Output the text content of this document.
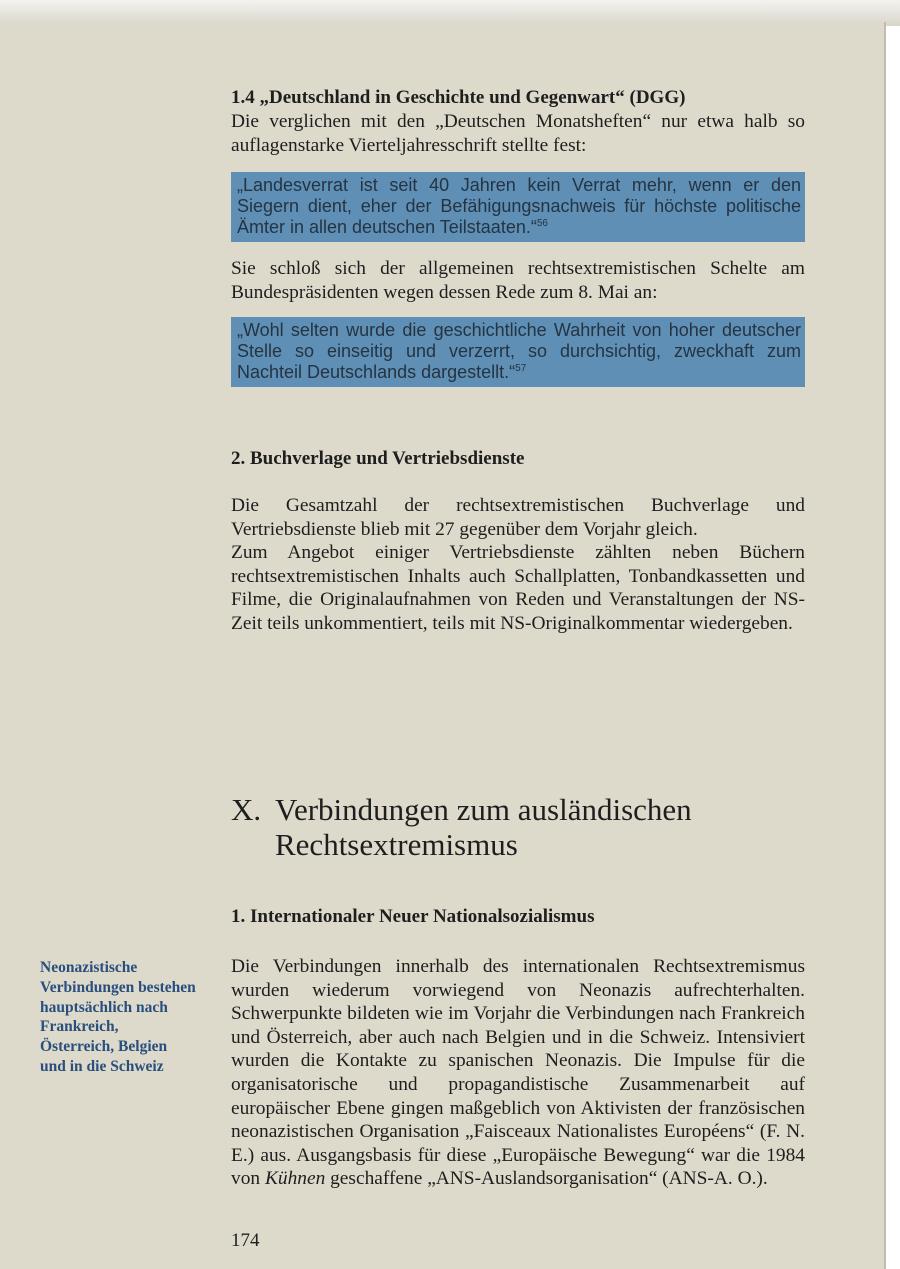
1.4 „Deutschland in Geschichte und Gegenwart“ (DGG)

Die verglichen mit den „Deutschen Monatsheften“ nur etwa halb so auflagenstarke Vierteljahresschrift stellte fest:

„Landesverrat ist seit 40 Jahren kein Verrat mehr, wenn er den Siegern dient, eher der Befähigungsnachweis für höchste politische Ämter in allen deutschen Teilstaaten.“$^{56}$

Sie schloß sich der allgemeinen rechtsextremistischen Schelte am Bundespräsidenten wegen dessen Rede zum 8. Mai an:

„Wohl selten wurde die geschichtliche Wahrheit von hoher deutscher Stelle so einseitig und verzerrt, so durchsichtig, zweckhaft zum Nachteil Deutschlands dargestellt.“$^{57}$

2. Buchverlage und Vertriebsdienste

Die Gesamtzahl der rechtsextremistischen Buchverlage und Vertriebsdienste blieb mit 27 gegenüber dem Vorjahr gleich.

Zum Angebot einiger Vertriebsdienste zählten neben Büchern rechtsextremistischen Inhalts auch Schallplatten, Tonbandkassetten und Filme, die Originalaufnahmen von Reden und Veranstaltungen der NS-Zeit teils unkommentiert, teils mit NS-Originalkommentar wiedergeben.

X. Verbindungen zum ausländischen
Rechtsextremismus

1. Internationaler Neuer Nationalsozialismus

Die Verbindungen innerhalb des internationalen Rechtsextremismus wurden wiederum vorwiegend von Neonazis aufrechterhalten. Schwerpunkte bildeten wie im Vorjahr die Verbindungen nach Frankreich und Österreich, aber auch nach Belgien und in die Schweiz. Intensiviert wurden die Kontakte zu spanischen Neonazis. Die Impulse für die organisatorische und propagandistische Zusammenarbeit auf europäischer Ebene gingen maßgeblich von Aktivisten der französischen neonazistischen Organisation „Faisceaux Nationalistes Européens“ (F. N. E.) aus. Ausgangsbasis für diese „Europäische Bewegung“ war die 1984 von Kühnen geschaffene „ANS-Auslandsorganisation“ (ANS-A. O.).

Neonazistische Verbindungen bestehen hauptsächlich nach Frankreich, Österreich, Belgien und in die Schweiz
174
